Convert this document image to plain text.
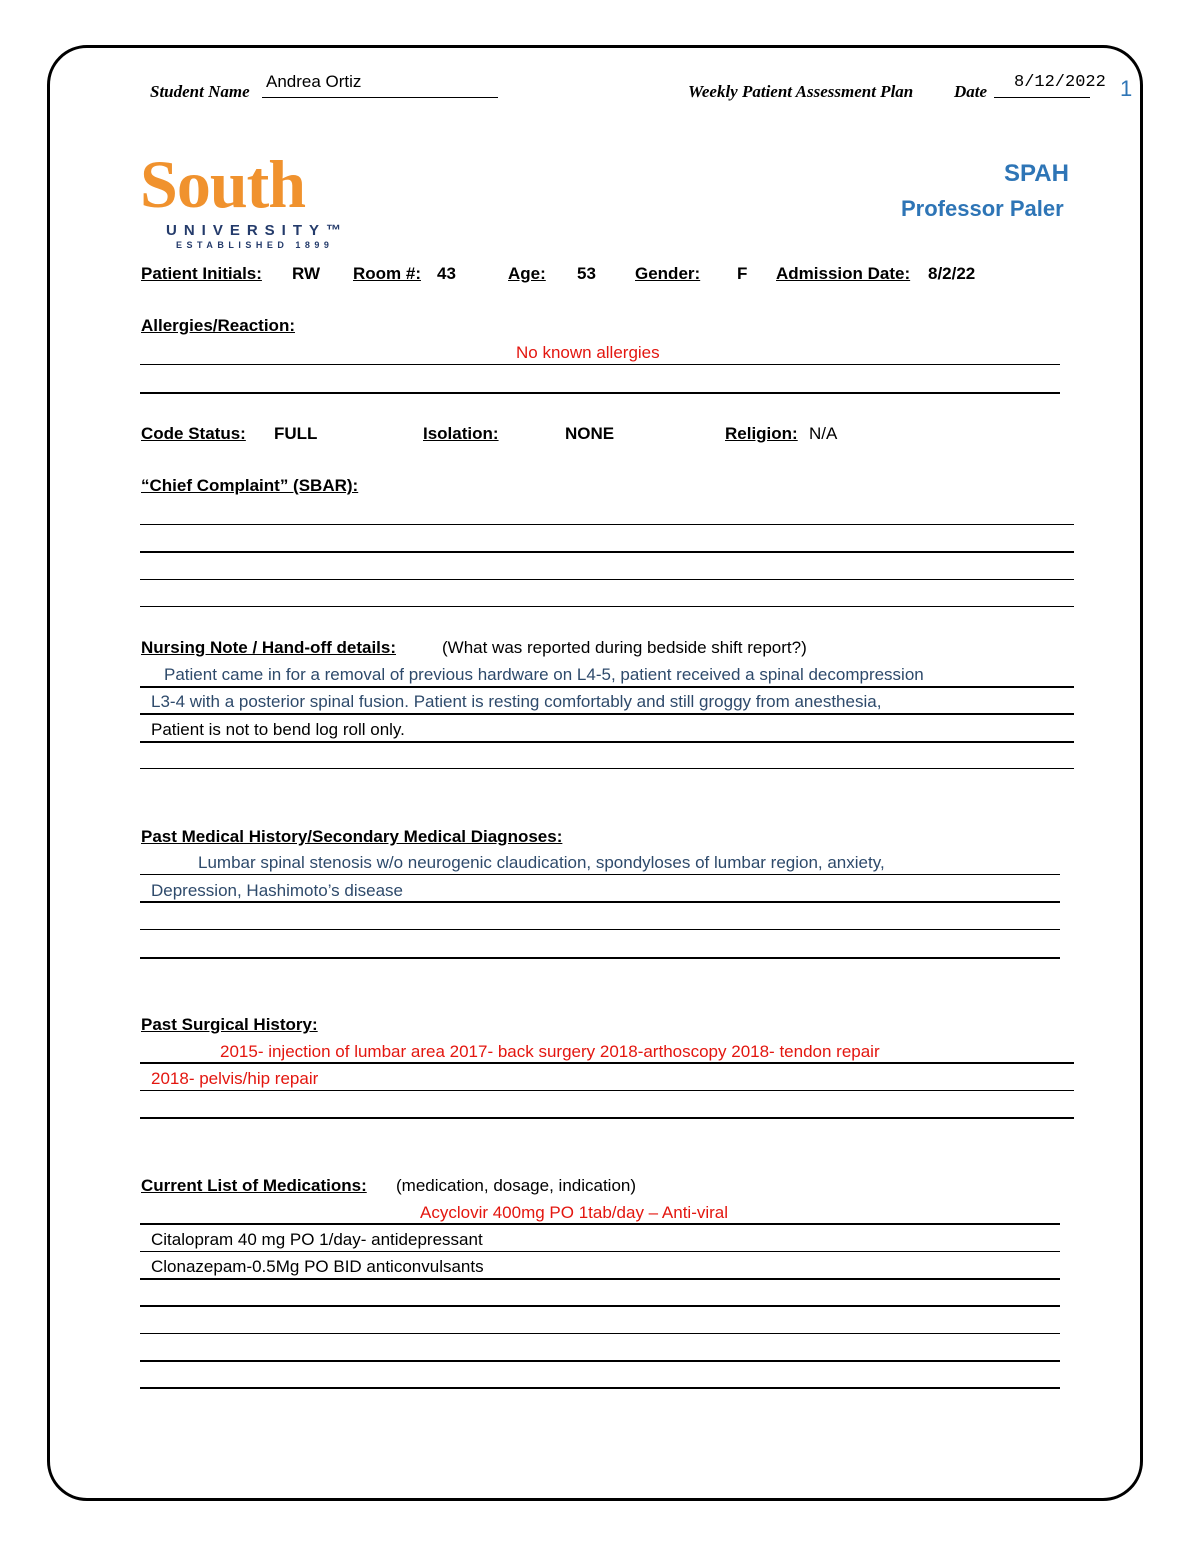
Student Name
Andrea Ortiz
Weekly Patient Assessment Plan Date 8/12/2022 1
South
UNIVERSITY™
ESTABLISHED 1899
SPAH
Professor Paler
Patient Initials: RW Room #: 43	Age: 53 Gender: F Admission Date: 8/2/22
Allergies/Reaction:
No known allergies
Code Status: FULL	Isolation:	NONE	Religion: N/A
“Chief Complaint” (SBAR):
Nursing Note / Hand-off details:	(What was reported during bedside shift report?)
Patient came in for a removal of previous hardware on L4-5, patient received a spinal decompression
L3-4 with a posterior spinal fusion. Patient is resting comfortably and still groggy from anesthesia,
Patient is not to bend log roll only.
Past Medical History/Secondary Medical Diagnoses:
Lumbar spinal stenosis w/o neurogenic claudication, spondyloses of lumbar region, anxiety,
Depression, Hashimoto’s disease
Past Surgical History:
2015- injection of lumbar area 2017- back surgery 2018-arthoscopy 2018- tendon repair
2018- pelvis/hip repair
Current List of Medications: (medication, dosage, indication)
Acyclovir 400mg PO 1tab/day – Anti-viral
Citalopram 40 mg PO 1/day- antidepressant
Clonazepam-0.5Mg PO BID anticonvulsants
